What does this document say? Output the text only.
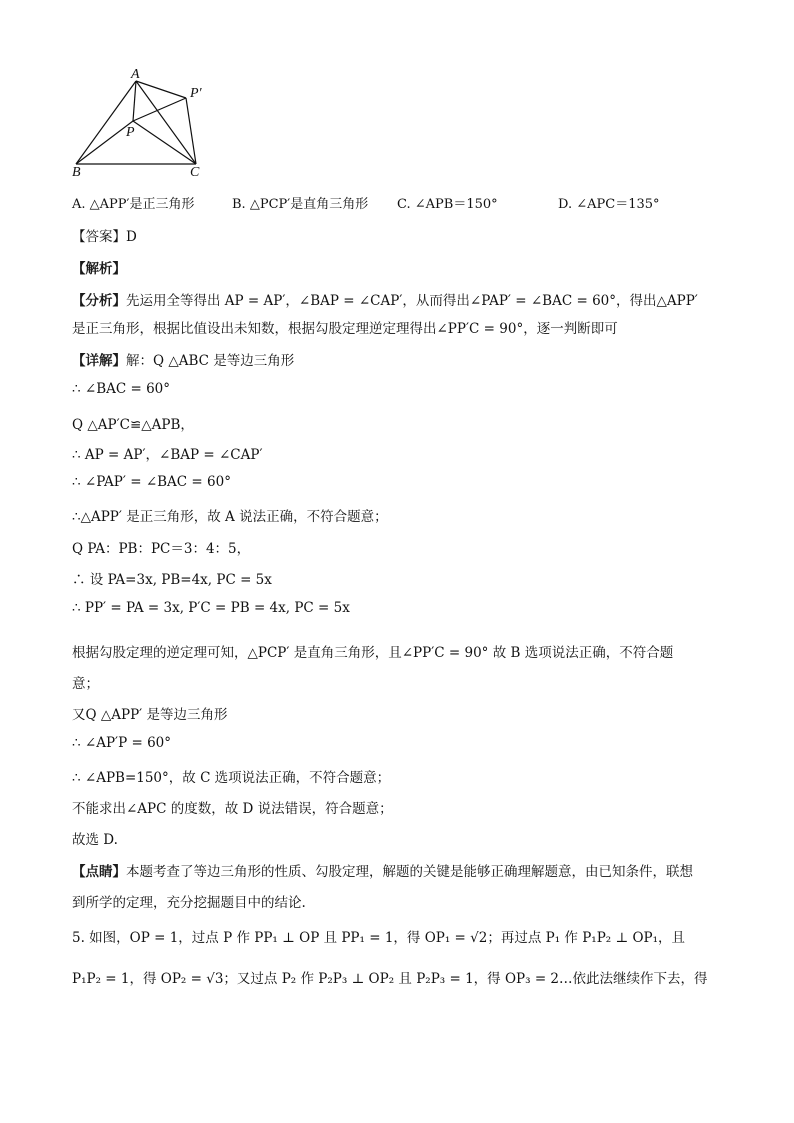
A
P′
P
B	C
A. △APP′是正三角形	B. △PCP′是直角三角形 C. ∠APB＝150°	D. ∠APC＝135°
【答案】D
【解析】
【分析】先运用全等得出 AP = AP′，∠BAP = ∠CAP′，从而得出∠PAP′ = ∠BAC = 60°，得出△APP′
是正三角形，根据比值设出未知数，根据勾股定理逆定理得出∠PP′C = 90°，逐一判断即可
【详解】解：Q △ABC 是等边三角形
∴ ∠BAC = 60°
Q △AP′C≌△APB，
∴ AP = AP′，∠BAP = ∠CAP′
∴ ∠PAP′ = ∠BAC = 60°
∴△APP′ 是正三角形，故 A 说法正确，不符合题意；
Q PA：PB：PC＝3：4：5，
∴ 设 PA=3x, PB=4x, PC = 5x
∴ PP′ = PA = 3x, P′C = PB = 4x, PC = 5x
根据勾股定理的逆定理可知，△PCP′ 是直角三角形，且∠PP′C = 90° 故 B 选项说法正确，不符合题
意；
又Q △APP′ 是等边三角形
∴ ∠AP′P = 60°
∴ ∠APB=150°，故 C 选项说法正确，不符合题意；
不能求出∠APC 的度数，故 D 说法错误，符合题意；
故选 D.
【点睛】本题考查了等边三角形的性质、勾股定理，解题的关键是能够正确理解题意，由已知条件，联想
到所学的定理，充分挖掘题目中的结论.
5. 如图，OP = 1，过点 P 作 PP₁ ⊥ OP 且 PP₁ = 1，得 OP₁ = √2；再过点 P₁ 作 P₁P₂ ⊥ OP₁，且
P₁P₂ = 1，得 OP₂ = √3；又过点 P₂ 作 P₂P₃ ⊥ OP₂ 且 P₂P₃ = 1，得 OP₃ = 2…依此法继续作下去，得
